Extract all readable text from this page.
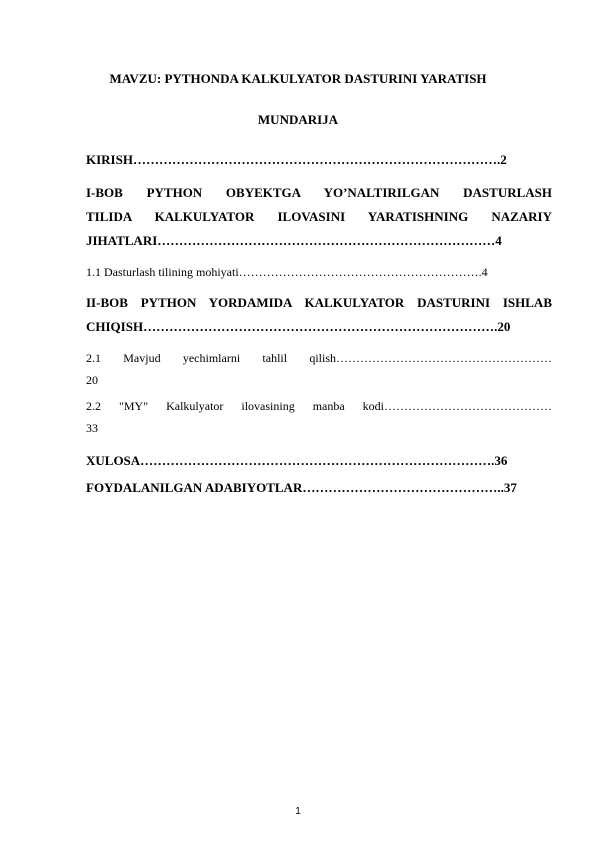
MAVZU: PYTHONDA KALKULYATOR DASTURINI YARATISH
MUNDARIJA
KIRISH………………………………………………………………………….2
I-BOB PYTHON OBYEKTGA YO’NALTIRILGAN DASTURLASH
TILIDA KALKULYATOR ILOVASINI YARATISHNING NAZARIY
JIHATLARI……………………………………………………………………4
1.1 Dasturlash tilining mohiyati…………………………………………………….4
II-BOB PYTHON YORDAMIDA KALKULYATOR DASTURINI ISHLAB
CHIQISH……………………………………………………………………….20
2.1 Mavjud yechimlarni tahlil qilish………………………………………………
20
2.2 "MY" Kalkulyator ilovasining manba kodi……………………………………
33
XULOSA……………………………………………………………………….36
FOYDALANILGAN ADABIYOTLAR………………………………………..37
1
